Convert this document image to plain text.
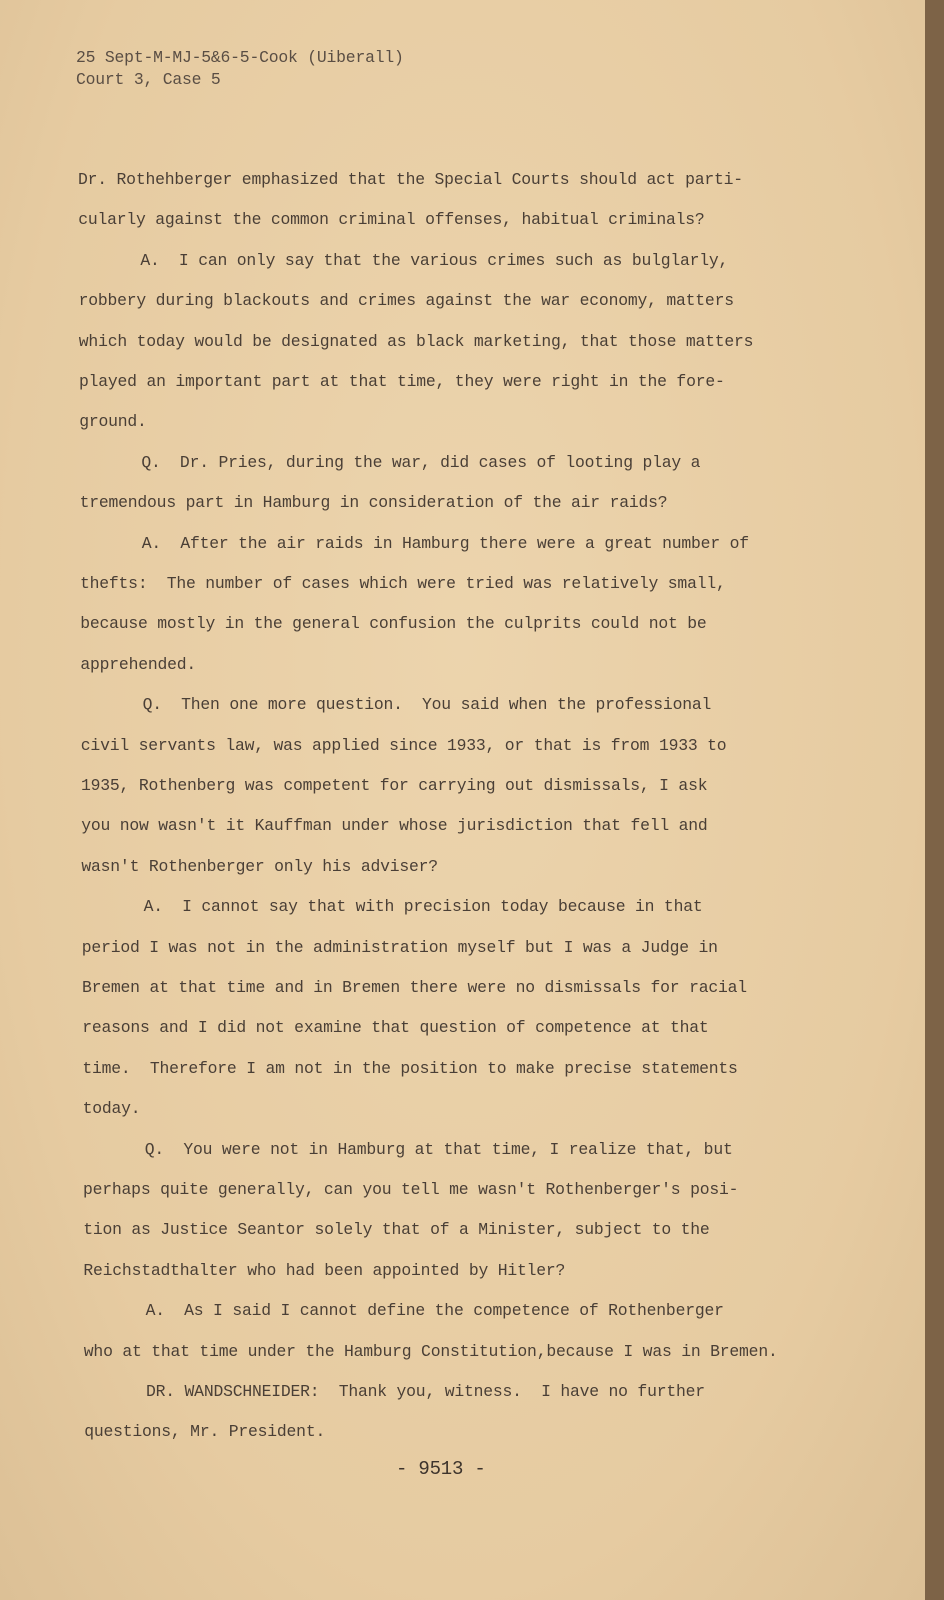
25 Sept-M-MJ-5&6-5-Cook (Uiberall)
Court 3, Case 5
Dr. Rothehberger emphasized that the Special Courts should act parti-
cularly against the common criminal offenses, habitual criminals?
A.  I can only say that the various crimes such as bulglarly,
robbery during blackouts and crimes against the war economy, matters
which today would be designated as black marketing, that those matters
played an important part at that time, they were right in the fore-
ground.
Q.  Dr. Pries, during the war, did cases of looting play a
tremendous part in Hamburg in consideration of the air raids?
A.  After the air raids in Hamburg there were a great number of
thefts:  The number of cases which were tried was relatively small,
because mostly in the general confusion the culprits could not be
apprehended.
Q.  Then one more question.  You said when the professional
civil servants law, was applied since 1933, or that is from 1933 to
1935, Rothenberg was competent for carrying out dismissals, I ask
you now wasn't it Kauffman under whose jurisdiction that fell and
wasn't Rothenberger only his adviser?
A.  I cannot say that with precision today because in that
period I was not in the administration myself but I was a Judge in
Bremen at that time and in Bremen there were no dismissals for racial
reasons and I did not examine that question of competence at that
time.  Therefore I am not in the position to make precise statements
today.
Q.  You were not in Hamburg at that time, I realize that, but
perhaps quite generally, can you tell me wasn't Rothenberger's posi-
tion as Justice Seantor solely that of a Minister, subject to the
Reichstadthalter who had been appointed by Hitler?
A.  As I said I cannot define the competence of Rothenberger
who at that time under the Hamburg Constitution,because I was in Bremen.
DR. WANDSCHNEIDER:  Thank you, witness.  I have no further
questions, Mr. President.
- 9513 -
